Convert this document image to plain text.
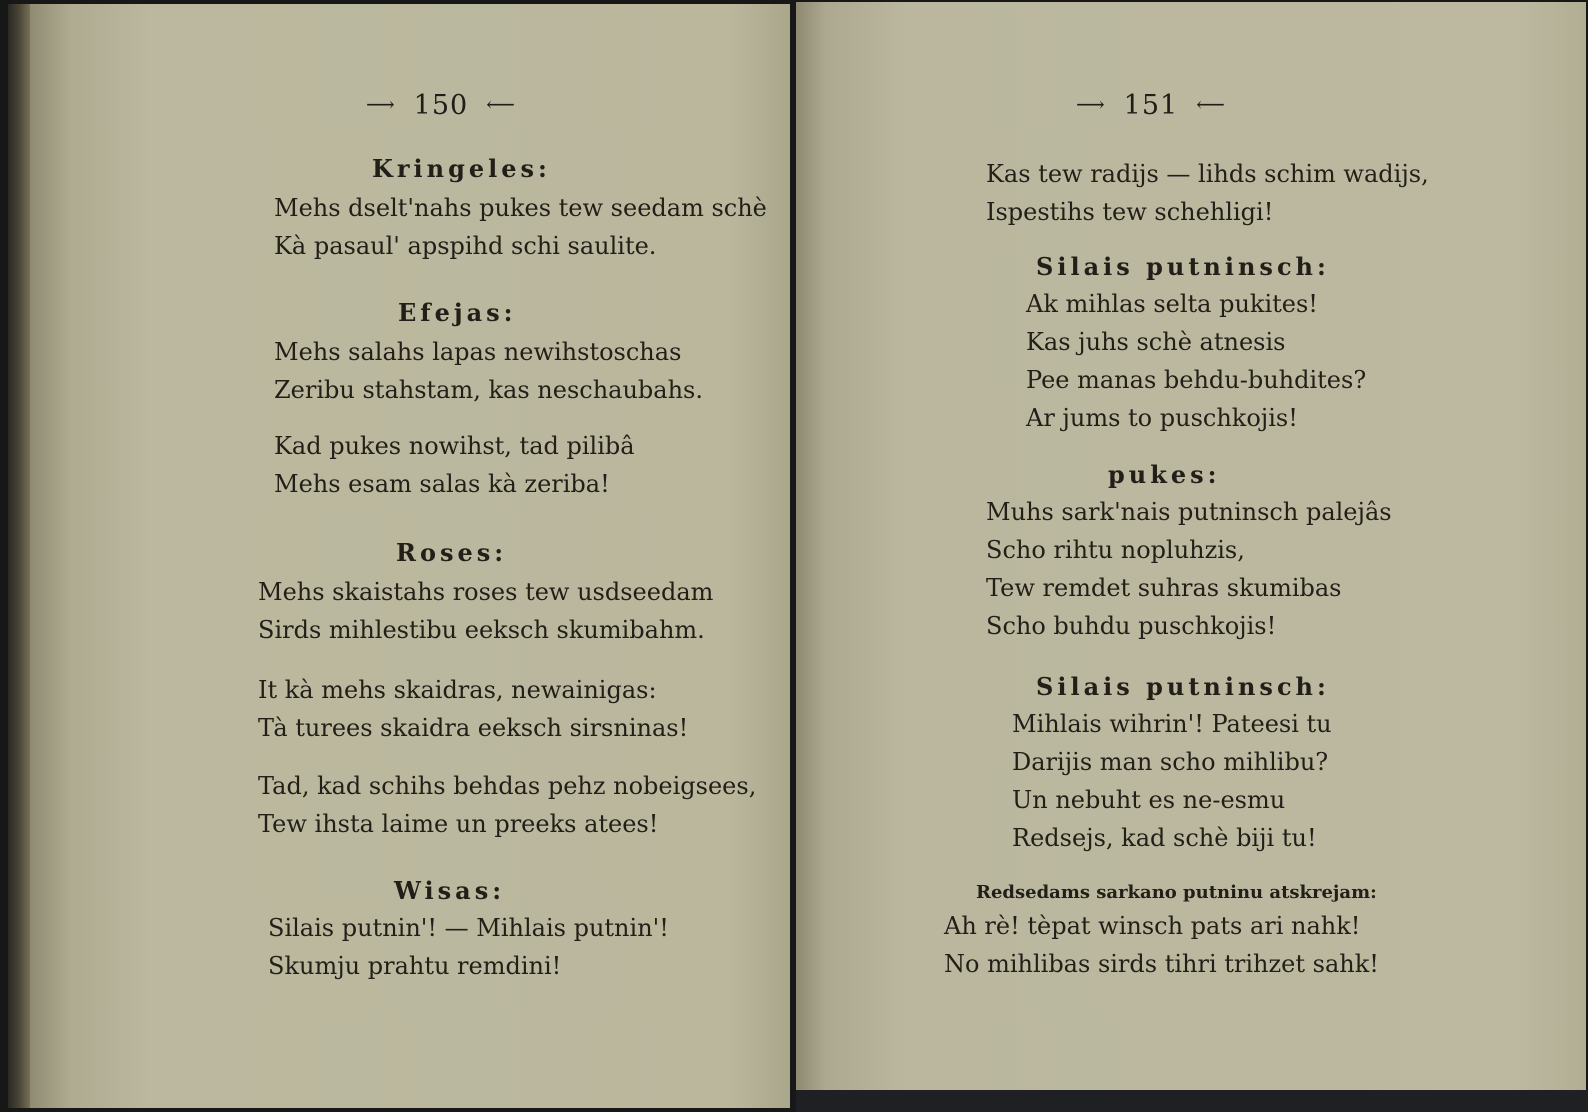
⟶ 150 ⟵
Kringeles:
Mehs dselt'nahs pukes tew seedam schè
Kà pasaul' apspihd schi saulite.
Efejas:
Mehs salahs lapas newihstoschas
Zeribu stahstam, kas neschaubahs.
Kad pukes nowihst, tad pilibâ
Mehs esam salas kà zeriba!
Roses:
Mehs skaistahs roses tew usdseedam
Sirds mihlestibu eeksch skumibahm.
It kà mehs skaidras, newainigas:
Tà turees skaidra eeksch sirsninas!
Tad, kad schihs behdas pehz nobeigsees,
Tew ihsta laime un preeks atees!
Wisas:
Silais putnin'! — Mihlais putnin'!
Skumju prahtu remdini!
⟶ 151 ⟵
Kas tew radijs — lihds schim wadijs,
Ispestihs tew schehligi!
Silais putninsch:
Ak mihlas selta pukites!
Kas juhs schè atnesis
Pee manas behdu-buhdites?
Ar jums to puschkojis!
pukes:
Muhs sark'nais putninsch palejâs
Scho rihtu nopluhzis,
Tew remdet suhras skumibas
Scho buhdu puschkojis!
Silais putninsch:
Mihlais wihrin'! Pateesi tu
Darijis man scho mihlibu?
Un nebuht es ne-esmu
Redsejs, kad schè biji tu!
Redsedams sarkano putninu atskrejam:
Ah rè! tèpat winsch pats ari nahk!
No mihlibas sirds tihri trihzet sahk!
